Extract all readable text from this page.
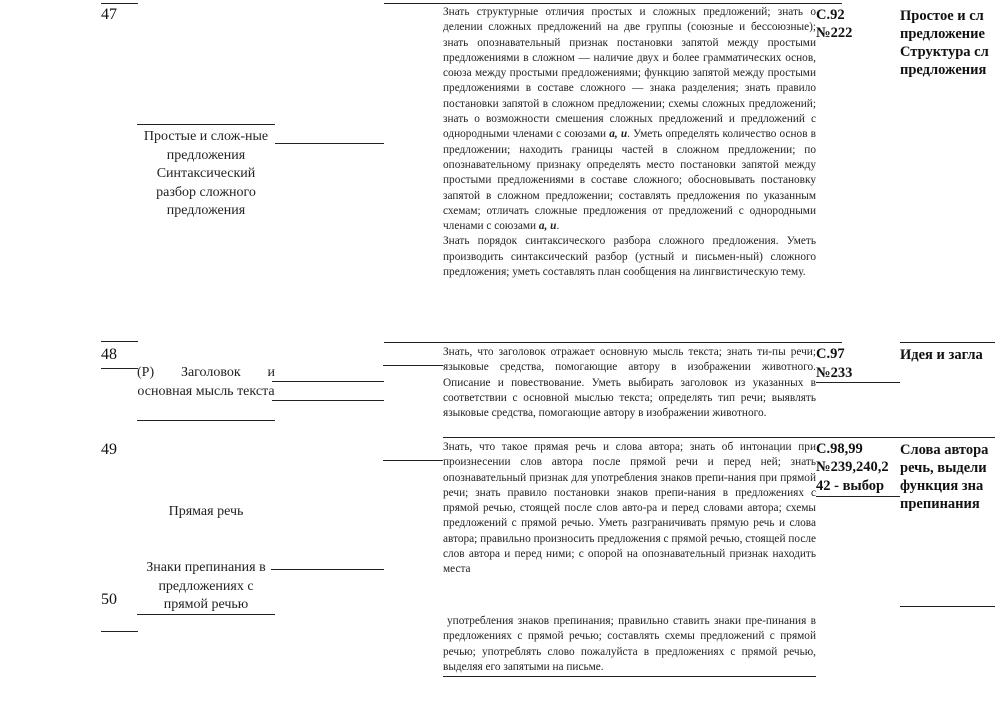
47
Простые и слож-ные предложения Синтаксический разбор сложного предложения

Знать структурные отличия простых и сложных предложений; знать о делении сложных предложений на две группы (союзные и бессоюзные); знать опознавательный признак постановки запятой между простыми предложениями в сложном — наличие двух и более грамматических основ, союза между простыми предложениями; функцию запятой между простыми предложениями в составе сложного — знака разделения; знать правило постановки запятой в сложном предложении; схемы сложных предложений; знать о возможности смешения сложных предложений и предложений с однородными членами с союзами а, и. Уметь определять количество основ в предложении; находить границы частей в сложном предложении; по опознавательному признаку определять место постановки запятой между простыми предложениями в составе сложного; обосновывать постановку запятой в сложном предложении; составлять предложения по указанным схемам; отличать сложные предложения от предложений с однородными членами с союзами а, и.

Знать порядок синтаксического разбора сложного предложения. Уметь производить синтаксический разбор (устный и письмен-ный) сложного предложения; уметь составлять план сообщения на лингвистическую тему.

С.92
№222
Простое и сл предложение Структура сл предложения
48
(Р) Заголовок и основная мысль текста
Знать, что заголовок отражает основную мысль текста; знать ти-пы речи; языковые средства, помогающие автору в изображении животного. Описание и повествование. Уметь выбирать заголовок из указанных в соответствии с основной мыслью текста; определять тип речи; выявлять языковые средства, помогающие автору в изображении животного.
С.97
№233
Идея и загла
49
Прямая речь
Знать, что такое прямая речь и слова автора; знать об интонации при произнесении слов автора после прямой речи и перед ней; знать опознавательный признак для употребления знаков препи-нания при прямой речи; знать правило постановки знаков препи-нания в предложениях с прямой речью, стоящей после слов авто-ра и перед словами автора; схемы предложений с прямой речью. Уметь разграничивать прямую речь и слова автора; правильно произносить предложения с прямой речью, стоящей после слов автора и перед ними; с опорой на опознавательный признак находить места
С.98,99
№239,240,2
42 - выбор
Слова автора речь, выдели функция зна препинания
50
Знаки препинания в предложениях с прямой речью
употребления знаков препинания; правильно ставить знаки пре-пинания в предложениях с прямой речью; составлять схемы предложений с прямой речью; употреблять слово пожалуйста в предложениях с прямой речью, выделяя его запятыми на письме.
